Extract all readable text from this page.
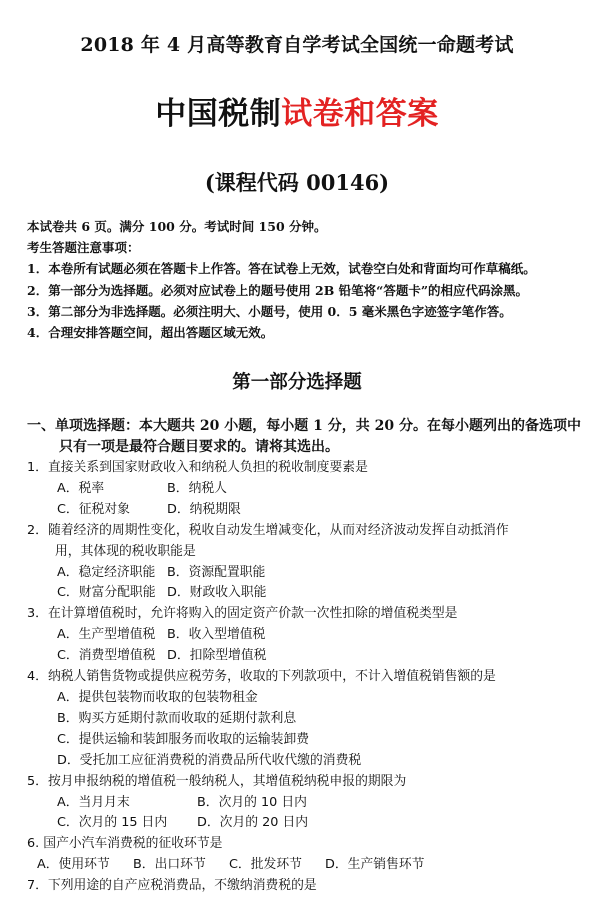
2018 年 4 月高等教育自学考试全国统一命题考试
中国税制试卷和答案
(课程代码 00146)
本试卷共 6 页。满分 100 分。考试时间 150 分钟。
考生答题注意事项：
1．本卷所有试题必须在答题卡上作答。答在试卷上无效，试卷空白处和背面均可作草稿纸。
2．第一部分为选择题。必须对应试卷上的题号使用 2B 铅笔将“答题卡”的相应代码涂黑。
3．第二部分为非选择题。必须注明大、小题号，使用 0．5 毫米黑色字迹签字笔作答。
4．合理安排答题空间，超出答题区域无效。
第一部分选择题
一、单项选择题：本大题共 20 小题，每小题 1 分，共 20 分。在每小题列出的备选项中
只有一项是最符合题目要求的。请将其选出。
1．直接关系到国家财政收入和纳税人负担的税收制度要素是
A．税率	B．纳税人
C．征税对象	D．纳税期限
2．随着经济的周期性变化，税收自动发生增减变化，从而对经济波动发挥自动抵消作
用，其体现的税收职能是
A．稳定经济职能 B．资源配置职能
C．财富分配职能 D．财政收入职能
3．在计算增值税时，允许将购入的固定资产价款一次性扣除的增值税类型是
A．生产型增值税 B．收入型增值税
C．消费型增值税 D．扣除型增值税
4．纳税人销售货物或提供应税劳务，收取的下列款项中，不计入增值税销售额的是
A．提供包装物而收取的包装物租金
B．购买方延期付款而收取的延期付款利息
C．提供运输和装卸服务而收取的运输装卸费
D．受托加工应征消费税的消费品所代收代缴的消费税
5．按月申报纳税的增值税一般纳税人，其增值税纳税申报的期限为
A．当月月末	B．次月的 10 日内
C．次月的 15 日内 D．次月的 20 日内
6. 国产小汽车消费税的征收环节是
A．使用环节 B．出口环节 C．批发环节 D．生产销售环节
7．下列用途的自产应税消费品，不缴纳消费税的是
